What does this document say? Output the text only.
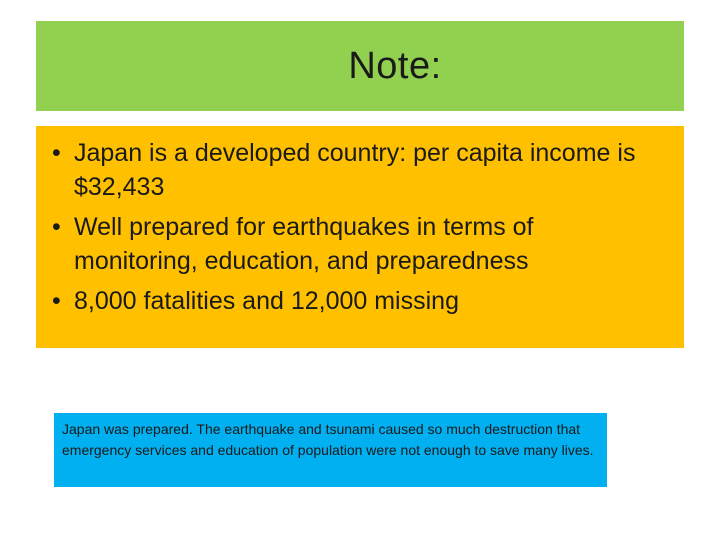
Note:
• Japan is a developed country: per capita income is $32,433
• Well prepared for earthquakes in terms of monitoring, education, and preparedness
• 8,000 fatalities and 12,000 missing
Japan was prepared. The earthquake and tsunami caused so much destruction that emergency services and education of population were not enough to save many lives.
